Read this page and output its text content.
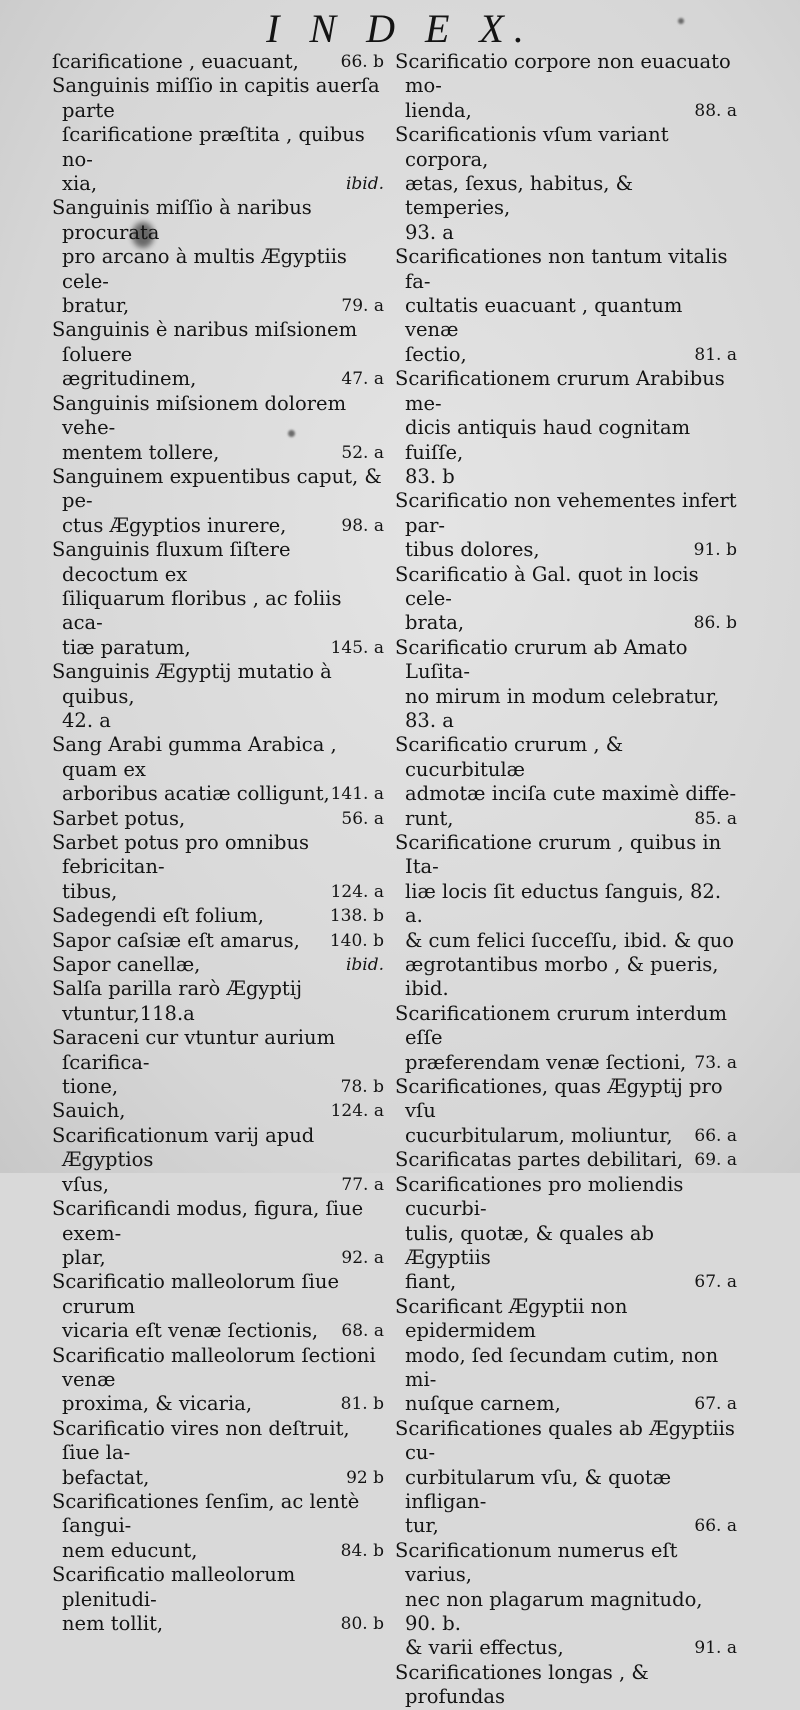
I N D E X.
66. b
ſcarificatione , euacuant,
Sanguinis miſſio in capitis auerſa parte
ſcarificatione præſtita , quibus no-

ibid.
xia,
Sanguinis miſſio à naribus procurata
pro arcano à multis Ægyptiis cele-

79. a
bratur,
Sanguinis è naribus miſsionem ſoluere

47. a
ægritudinem,
Sanguinis miſsionem dolorem vehe-

52. a
mentem tollere,
Sanguinem expuentibus caput, & pe-

98. a
ctus Ægyptios inurere,
Sanguinis fluxum ſiſtere decoctum ex
ſiliquarum floribus , ac foliis aca-

145. a
tiæ paratum,
Sanguinis Ægyptij mutatio à quibus,
42. a
Sang Arabi gumma Arabica , quam ex

141. a
arboribus acatiæ colligunt,
56. a
Sarbet potus,
Sarbet potus pro omnibus febricitan-

124. a
tibus,
138. b
Sadegendi eſt folium,
140. b
Sapor caſsiæ eſt amarus,
ibid.
Sapor canellæ,
Salſa parilla rarò Ægyptij vtuntur,118.a
Saraceni cur vtuntur aurium ſcarifica-

78. b
tione,
124. a
Sauich,
Scarificationum varij apud Ægyptios

77. a
vſus,
Scarificandi modus, figura, ſiue exem-

92. a
plar,
Scarificatio malleolorum ſiue crurum

68. a
vicaria eſt venæ ſectionis,
Scarificatio malleolorum ſectioni venæ

81. b
proxima, & vicaria,
Scarificatio vires non deſtruit, ſiue la-

92 b
befactat,
Scarificationes ſenſim, ac lentè ſangui-

84. b
nem educunt,
Scarificatio malleolorum plenitudi-

80. b
nem tollit,
Scarificatio corpore non euacuato mo-

88. a
lienda,
Scarificationis vſum variant corpora,
ætas, ſexus, habitus, & temperies,
93. a
Scarificationes non tantum vitalis fa-
cultatis euacuant , quantum venæ

81. a
ſectio,
Scarificationem crurum Arabibus me-
dicis antiquis haud cognitam fuiſſe,
83. b
Scarificatio non vehementes infert par-

91. b
tibus dolores,
Scarificatio à Gal. quot in locis cele-

86. b
brata,
Scarificatio crurum ab Amato Luſita-
no mirum in modum celebratur,
83. a
Scarificatio crurum , & cucurbitulæ
admotæ inciſa cute maximè diffe-

85. a
runt,
Scarificatione crurum , quibus in Ita-
liæ locis ſit eductus ſanguis, 82. a.
& cum felici ſucceſſu, ibid. & quo
ægrotantibus morbo , & pueris,
ibid.
Scarificationem crurum interdum eſſe

73. a
præferendam venæ ſectioni,
Scarificationes, quas Ægyptij pro vſu

66. a
cucurbitularum, moliuntur,
69. a
Scarificatas partes debilitari,
Scarificationes pro moliendis cucurbi-
tulis, quotæ, & quales ab Ægyptiis

67. a
fiant,
Scarificant Ægyptii non epidermidem
modo, ſed ſecundam cutim, non mi-

67. a
nuſque carnem,
Scarificationes quales ab Ægyptiis cu-
curbitularum vſu, & quotæ infligan-

66. a
tur,
Scarificationum numerus eſt varius,
nec non plagarum magnitudo, 90. b.

91. a
& varii effectus,
Scarificationes longas , & profundas
